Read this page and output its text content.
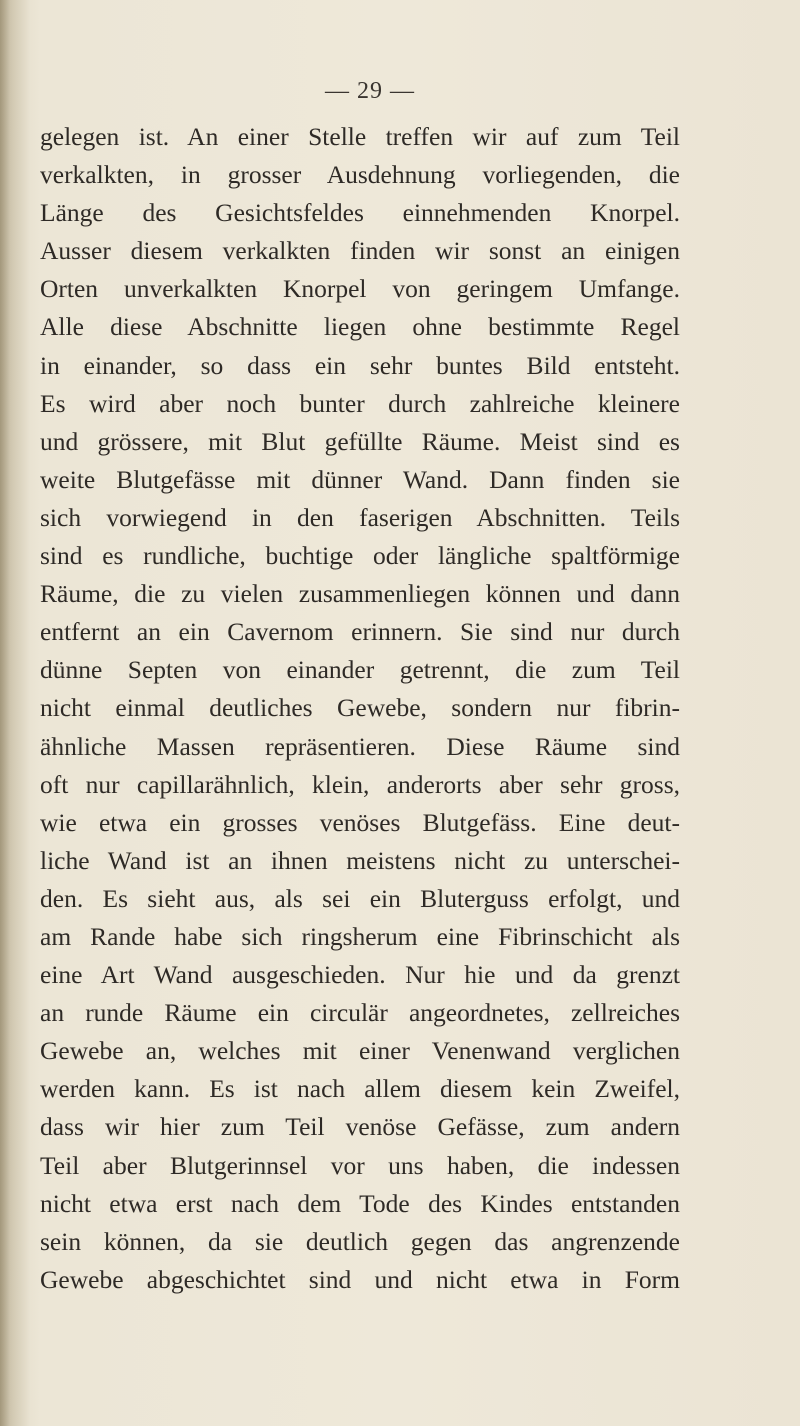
— 29 —
gelegen ist. An einer Stelle treffen wir auf zum Teil
verkalkten, in grosser Ausdehnung vorliegenden, die
Länge des Gesichtsfeldes einnehmenden Knorpel.
Ausser diesem verkalkten finden wir sonst an einigen
Orten unverkalkten Knorpel von geringem Umfange.
Alle diese Abschnitte liegen ohne bestimmte Regel
in einander, so dass ein sehr buntes Bild entsteht.
Es wird aber noch bunter durch zahlreiche kleinere
und grössere, mit Blut gefüllte Räume. Meist sind es
weite Blutgefässe mit dünner Wand. Dann finden sie
sich vorwiegend in den faserigen Abschnitten. Teils
sind es rundliche, buchtige oder längliche spaltförmige
Räume, die zu vielen zusammenliegen können und dann
entfernt an ein Cavernom erinnern. Sie sind nur durch
dünne Septen von einander getrennt, die zum Teil
nicht einmal deutliches Gewebe, sondern nur fibrin-
ähnliche Massen repräsentieren. Diese Räume sind
oft nur capillarähnlich, klein, anderorts aber sehr gross,
wie etwa ein grosses venöses Blutgefäss. Eine deut-
liche Wand ist an ihnen meistens nicht zu unterschei-
den. Es sieht aus, als sei ein Bluterguss erfolgt, und
am Rande habe sich ringsherum eine Fibrinschicht als
eine Art Wand ausgeschieden. Nur hie und da grenzt
an runde Räume ein circulär angeordnetes, zellreiches
Gewebe an, welches mit einer Venenwand verglichen
werden kann. Es ist nach allem diesem kein Zweifel,
dass wir hier zum Teil venöse Gefässe, zum andern
Teil aber Blutgerinnsel vor uns haben, die indessen
nicht etwa erst nach dem Tode des Kindes entstanden
sein können, da sie deutlich gegen das angrenzende
Gewebe abgeschichtet sind und nicht etwa in Form
